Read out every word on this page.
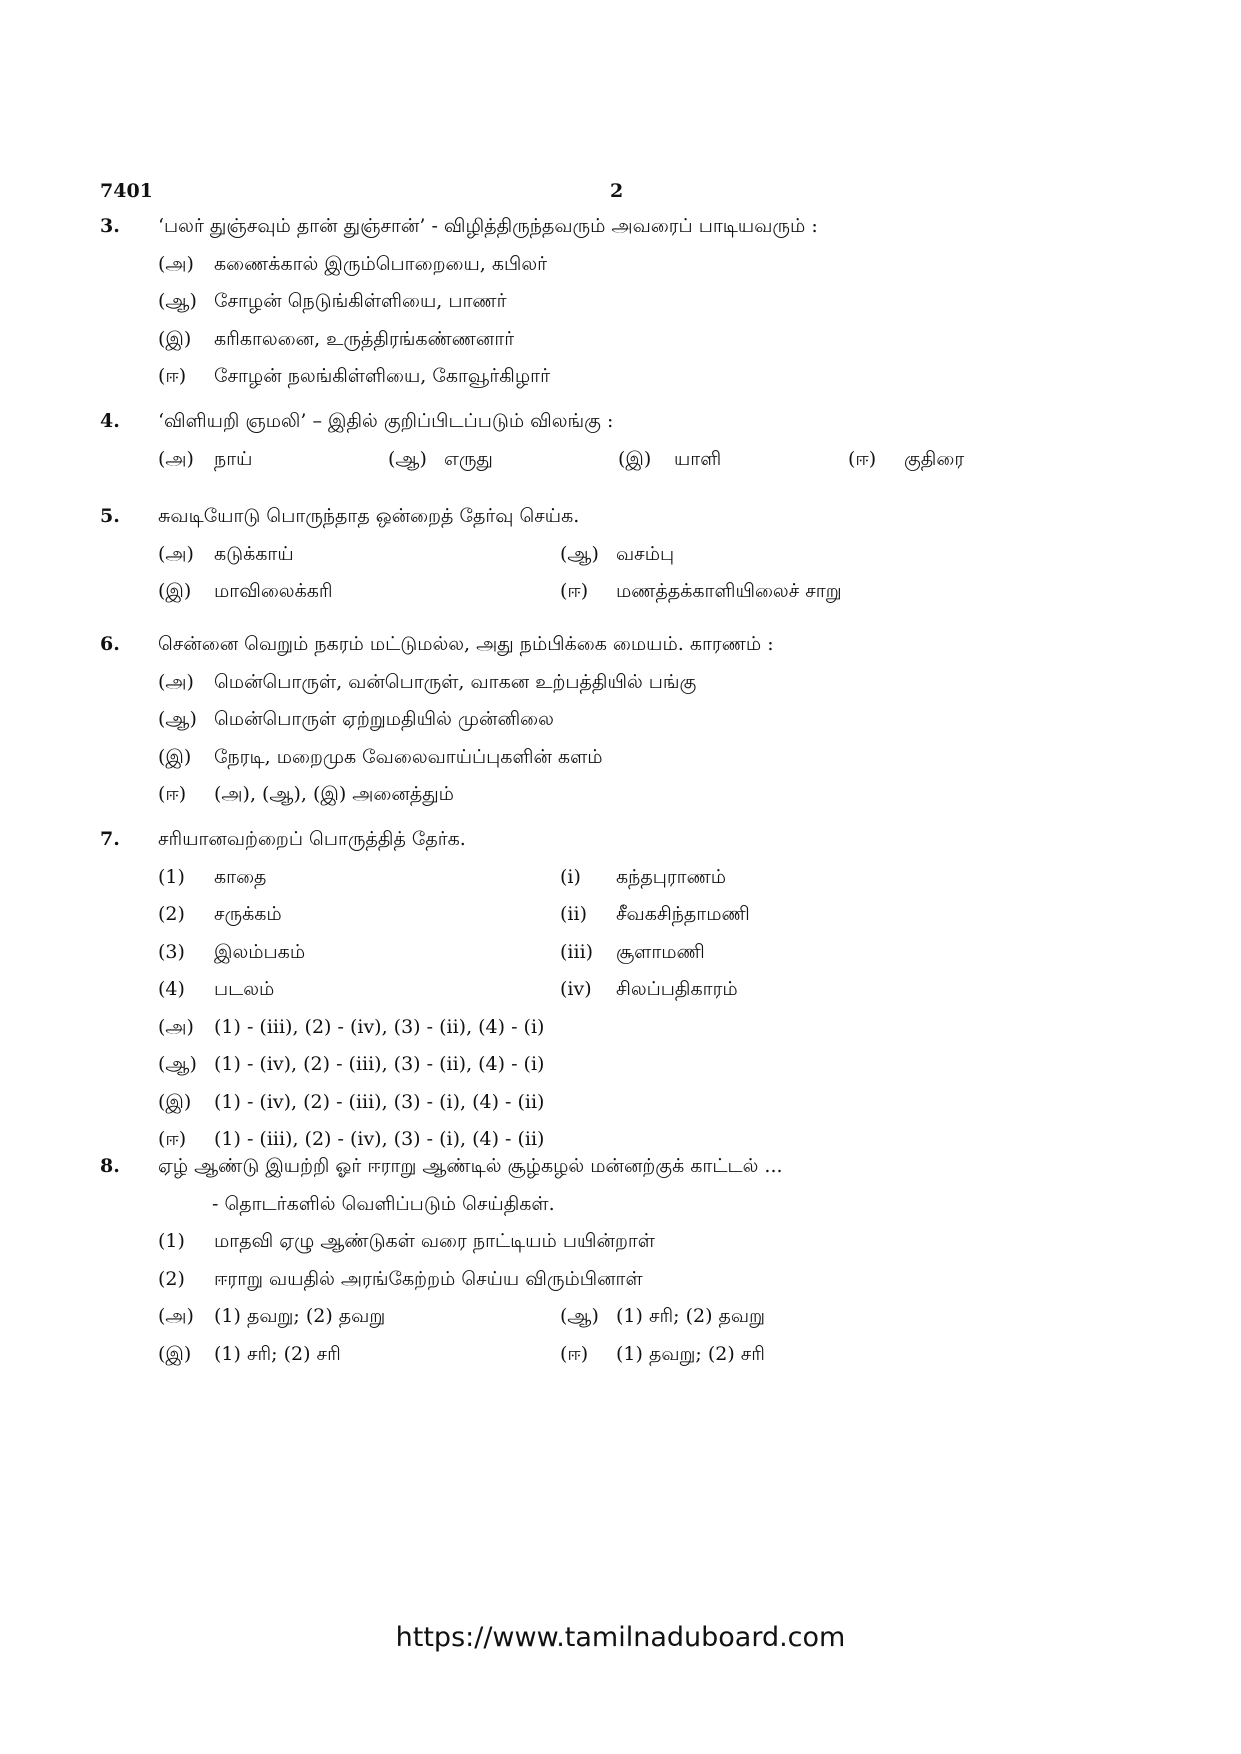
7401	2
3.	‘பலர் துஞ்சவும் தான் துஞ்சான்’ - விழித்திருந்தவரும் அவரைப் பாடியவரும் :
(அ) கணைக்கால் இரும்பொறையை, கபிலர்
(ஆ) சோழன் நெடுங்கிள்ளியை, பாணர்
(இ) கரிகாலனை, உருத்திரங்கண்ணனார்
(ஈ) சோழன் நலங்கிள்ளியை, கோவூர்கிழார்
4.	‘விளியறி ஞமலி’ – இதில் குறிப்பிடப்படும் விலங்கு :
(அ) நாய்	(ஆ) எருது	(இ) யாளி	(ஈ) குதிரை
5.	சுவடியோடு பொருந்தாத ஒன்றைத் தேர்வு செய்க.
(அ) கடுக்காய்	(ஆ) வசம்பு
(இ) மாவிலைக்கரி	(ஈ) மணத்தக்காளியிலைச் சாறு
6.	சென்னை வெறும் நகரம் மட்டுமல்ல, அது நம்பிக்கை மையம். காரணம் :
(அ) மென்பொருள், வன்பொருள், வாகன உற்பத்தியில் பங்கு
(ஆ) மென்பொருள் ஏற்றுமதியில் முன்னிலை
(இ) நேரடி, மறைமுக வேலைவாய்ப்புகளின் களம்
(ஈ) (அ), (ஆ), (இ) அனைத்தும்
7.	சரியானவற்றைப் பொருத்தித் தேர்க.
(1) காதை	(i) கந்தபுராணம்
(2) சருக்கம்	(ii) சீவகசிந்தாமணி
(3) இலம்பகம்	(iii) சூளாமணி
(4) படலம்	(iv) சிலப்பதிகாரம்
(அ) (1) - (iii), (2) - (iv), (3) - (ii), (4) - (i)
(ஆ) (1) - (iv), (2) - (iii), (3) - (ii), (4) - (i)
(இ) (1) - (iv), (2) - (iii), (3) - (i), (4) - (ii)
(ஈ) (1) - (iii), (2) - (iv), (3) - (i), (4) - (ii)
8.	ஏழ் ஆண்டு இயற்றி ஓர் ஈராறு ஆண்டில் சூழ்கழல் மன்னற்குக் காட்டல் ...
- தொடர்களில் வெளிப்படும் செய்திகள்.
(1) மாதவி ஏழு ஆண்டுகள் வரை நாட்டியம் பயின்றாள்
(2) ஈராறு வயதில் அரங்கேற்றம் செய்ய விரும்பினாள்
(அ) (1) தவறு; (2) தவறு	(ஆ) (1) சரி; (2) தவறு
(இ) (1) சரி; (2) சரி	(ஈ) (1) தவறு; (2) சரி
https://www.tamilnaduboard.com
